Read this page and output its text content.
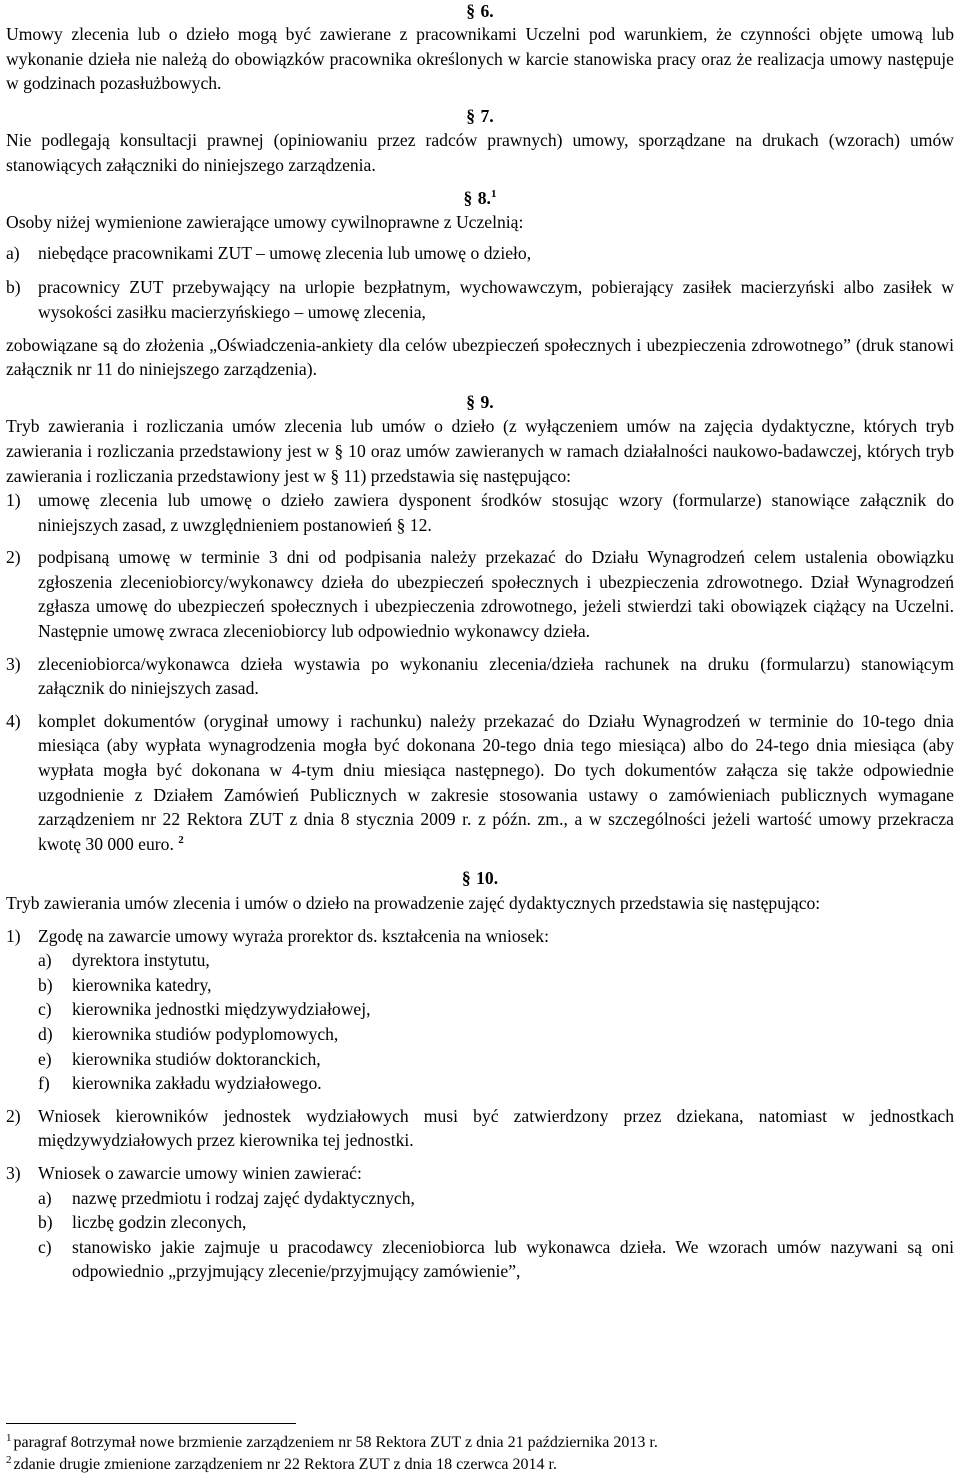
§ 6.

Umowy zlecenia lub o dzieło mogą być zawierane z pracownikami Uczelni pod warunkiem, że czynności objęte umową lub wykonanie dzieła nie należą do obowiązków pracownika określonych w karcie stanowiska pracy oraz że realizacja umowy następuje w godzinach pozasłużbowych.

§ 7.

Nie podlegają konsultacji prawnej (opiniowaniu przez radców prawnych) umowy, sporządzane na drukach (wzorach) umów stanowiących załączniki do niniejszego zarządzenia.

§ 8.$^1$

Osoby niżej wymienione zawierające umowy cywilnoprawne z Uczelnią:

a) niebędące pracownikami ZUT – umowę zlecenia lub umowę o dzieło,
b) pracownicy ZUT przebywający na urlopie bezpłatnym, wychowawczym, pobierający zasiłek macierzyński albo zasiłek w wysokości zasiłku macierzyńskiego – umowę zlecenia,

zobowiązane są do złożenia „Oświadczenia-ankiety dla celów ubezpieczeń społecznych i ubezpieczenia zdrowotnego” (druk stanowi załącznik nr 11 do niniejszego zarządzenia).

§ 9.

Tryb zawierania i rozliczania umów zlecenia lub umów o dzieło (z wyłączeniem umów na zajęcia dydaktyczne, których tryb zawierania i rozliczania przedstawiony jest w § 10 oraz umów zawieranych w ramach działalności naukowo-badawczej, których tryb zawierania i rozliczania przedstawiony jest w § 11) przedstawia się następująco:

1) umowę zlecenia lub umowę o dzieło zawiera dysponent środków stosując wzory (formularze) stanowiące załącznik do niniejszych zasad, z uwzględnieniem postanowień § 12.
2) podpisaną umowę w terminie 3 dni od podpisania należy przekazać do Działu Wynagrodzeń celem ustalenia obowiązku zgłoszenia zleceniobiorcy/wykonawcy dzieła do ubezpieczeń społecznych i ubezpieczenia zdrowotnego. Dział Wynagrodzeń zgłasza umowę do ubezpieczeń społecznych i ubezpieczenia zdrowotnego, jeżeli stwierdzi taki obowiązek ciążący na Uczelni. Następnie umowę zwraca zleceniobiorcy lub odpowiednio wykonawcy dzieła.
3) zleceniobiorca/wykonawca dzieła wystawia po wykonaniu zlecenia/dzieła rachunek na druku (formularzu) stanowiącym załącznik do niniejszych zasad.
4) komplet dokumentów (oryginał umowy i rachunku) należy przekazać do Działu Wynagrodzeń w terminie do 10-tego dnia miesiąca (aby wypłata wynagrodzenia mogła być dokonana 20-tego dnia tego miesiąca) albo do 24-tego dnia miesiąca (aby wypłata mogła być dokonana w 4-tym dniu miesiąca następnego). Do tych dokumentów załącza się także odpowiednie uzgodnienie z Działem Zamówień Publicznych w zakresie stosowania ustawy o zamówieniach publicznych wymagane zarządzeniem nr 22 Rektora ZUT z dnia 8 stycznia 2009 r. z późn. zm., a w szczególności jeżeli wartość umowy przekracza kwotę 30 000 euro. $^2$
§ 10.

Tryb zawierania umów zlecenia i umów o dzieło na prowadzenie zajęć dydaktycznych przedstawia się następująco:

1) Zgodę na zawarcie umowy wyraża prorektor ds. kształcenia na wniosek:
a) dyrektora instytutu,
b) kierownika katedry,
c) kierownika jednostki międzywydziałowej,
d) kierownika studiów podyplomowych,
e) kierownika studiów doktoranckich,
f) kierownika zakładu wydziałowego.
2) Wniosek kierowników jednostek wydziałowych musi być zatwierdzony przez dziekana, natomiast w jednostkach międzywydziałowych przez kierownika tej jednostki.
3) Wniosek o zawarcie umowy winien zawierać:
a) nazwę przedmiotu i rodzaj zajęć dydaktycznych,
b) liczbę godzin zleconych,
c) stanowisko jakie zajmuje u pracodawcy zleceniobiorca lub wykonawca dzieła. We wzorach umów nazywani są oni odpowiednio „przyjmujący zlecenie/przyjmujący zamówienie”,
$^1$ paragraf 8otrzymał nowe brzmienie zarządzeniem nr 58 Rektora ZUT z dnia 21 października 2013 r.
$^2$ zdanie drugie zmienione zarządzeniem nr 22 Rektora ZUT z dnia 18 czerwca 2014 r.
